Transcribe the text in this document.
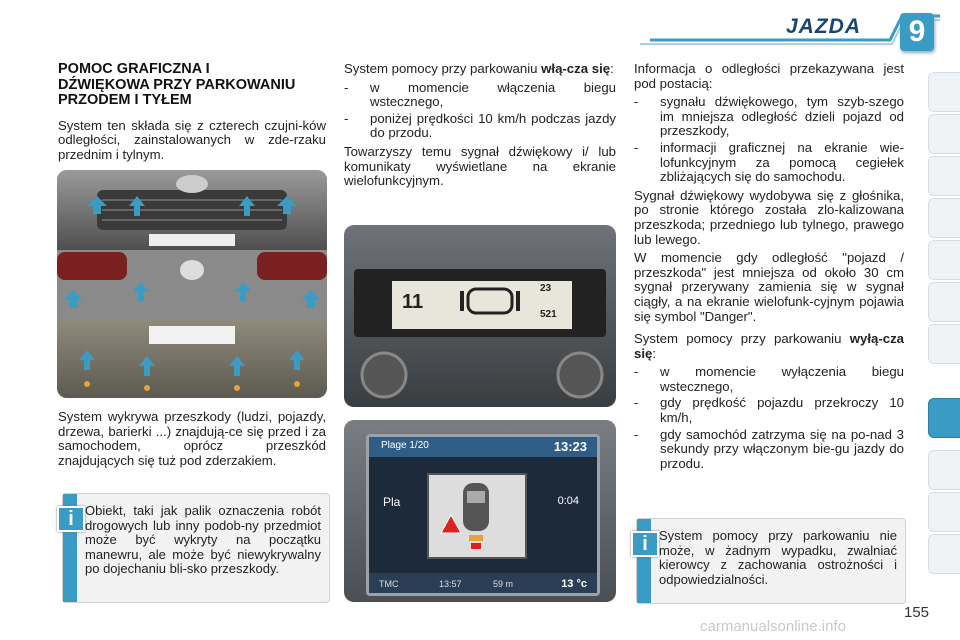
JAZDA 9
POMOC GRAFICZNA I
DŹWIĘKOWA PRZY PARKOWANIU
PRZODEM I TYŁEM

System ten składa się z czterech czujni-ków odległości, zainstalowanych w zde-rzaku przednim i tylnym.

System wykrywa przeszkody (ludzi, pojazdy, drzewa, barierki ...) znajdują-ce się przed i za samochodem, oprócz przeszkód znajdujących się tuż pod zderzakiem.

i Obiekt, taki jak palik oznaczenia robót drogowych lub inny podob-ny przedmiot może być wykryty na początku manewru, ale może być niewykrywalny po dojechaniu bli-sko przeszkody.

System pomocy przy parkowaniu włą-cza się:

- w momencie włączenia biegu wstecznego,
- poniżej prędkości 10 km/h podczas jazdy do przodu.

Towarzyszy temu sygnał dźwiękowy i/ lub komunikaty wyświetlane na ekranie wielofunkcyjnym.

11
Mar 2
23
521
Plage 1/20	13:23
Pla	0:04
TMC	13:57	59 m	13 °c

Informacja o odległości przekazywana jest pod postacią:

- sygnału dźwiękowego, tym szyb-szego im mniejsza odległość dzieli pojazd od przeszkody,
- informacji graficznej na ekranie wie-lofunkcyjnym za pomocą cegiełek zbliżających się do samochodu.

Sygnał dźwiękowy wydobywa się z głośnika, po stronie którego została zlo-kalizowana przeszkoda; przedniego lub tylnego, prawego lub lewego.

W momencie gdy odległość "pojazd / przeszkoda" jest mniejsza od około 30 cm sygnał przerywany zamienia się w sygnał ciągły, a na ekranie wielofunk-cyjnym pojawia się symbol "Danger".

System pomocy przy parkowaniu wyłą-cza się:

- w momencie wyłączenia biegu wstecznego,
- gdy prędkość pojazdu przekroczy 10 km/h,
- gdy samochód zatrzyma się na po-nad 3 sekundy przy włączonym bie-gu jazdy do przodu.
i System pomocy przy parkowaniu nie może, w żadnym wypadku, zwalniać kierowcy z zachowania ostrożności i odpowiedzialności.
carmanualsonline.info
155
